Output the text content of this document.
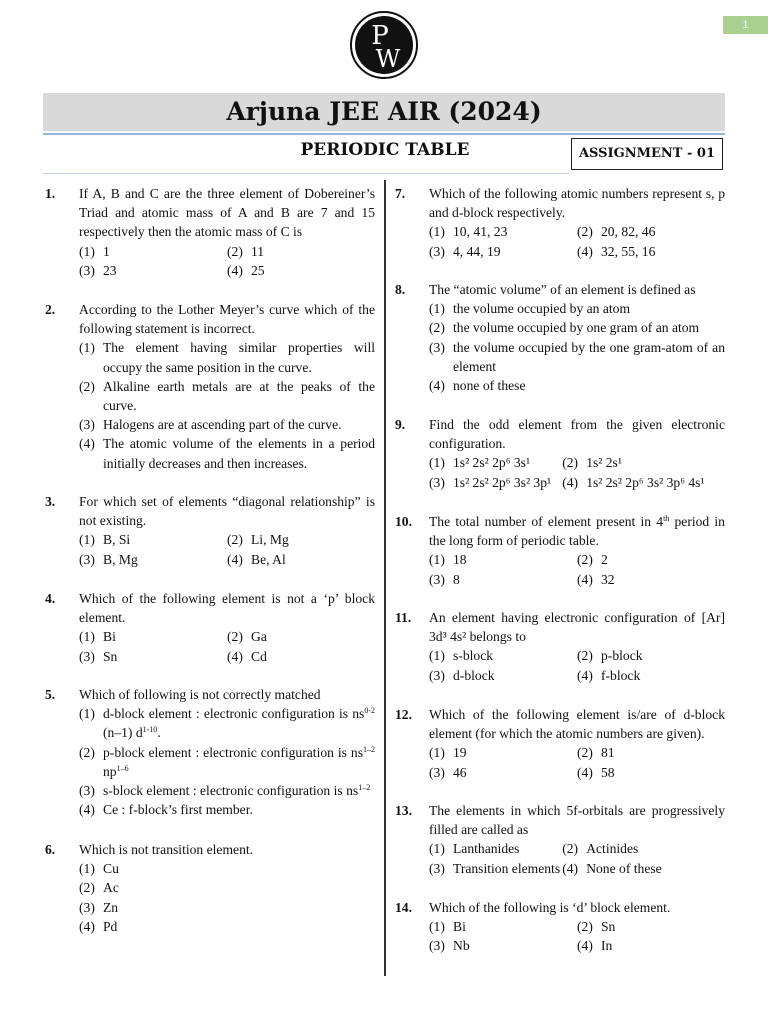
1
P
W
Arjuna JEE AIR (2024)
PERIODIC TABLE	ASSIGNMENT - 01
1. If A, B and C are the three element of Dobereiner’s Triad and atomic mass of A and B are 7 and 15 respectively then the atomic mass of C is
(1) 1	(2) 11
(3) 23	(4) 25
2. According to the Lother Meyer’s curve which of the following statement is incorrect.
(1) The element having similar properties will occupy the same position in the curve.
(2) Alkaline earth metals are at the peaks of the curve.
(3) Halogens are at ascending part of the curve.
(4) The atomic volume of the elements in a period initially decreases and then increases.
3. For which set of elements “diagonal relationship” is not existing.
(1) B, Si	(2) Li, Mg
(3) B, Mg	(4) Be, Al
4. Which of the following element is not a ‘p’ block element.
(1) Bi	(2) Ga
(3) Sn	(4) Cd
5. Which of following is not correctly matched
(1) d-block element : electronic configuration is $ns^{0-2}$ (n–1) $d^{1-10}$.
(2) p-block element : electronic configuration is $ns^{1-2}$ $np^{1-6}$
(3) s-block element : electronic configuration is $ns^{1-2}$
(4) Ce : f-block’s first member.
6. Which is not transition element.
(1) Cu
(2) Ac
(3) Zn
(4) Pd
7. Which of the following atomic numbers represent s, p and d-block respectively.
(1) 10, 41, 23	(2) 20, 82, 46
(3) 4, 44, 19	(4) 32, 55, 16
8. The “atomic volume” of an element is defined as
(1) the volume occupied by an atom
(2) the volume occupied by one gram of an atom
(3) the volume occupied by the one gram-atom of an element
(4) none of these
9. Find the odd element from the given electronic configuration.
(1) 1s² 2s² 2p⁶ 3s¹	(2) 1s² 2s¹
(3) 1s² 2s² 2p⁶ 3s² 3p¹ (4) 1s² 2s² 2p⁶ 3s² 3p⁶ 4s¹
10. The total number of element present in 4th period in the long form of periodic table.
(1) 18	(2) 2
(3) 8	(4) 32
11. An element having electronic configuration of [Ar] 3d³ 4s² belongs to
(1) s-block	(2) p-block
(3) d-block	(4) f-block
12. Which of the following element is/are of d-block element (for which the atomic numbers are given).
(1) 19	(2) 81
(3) 46	(4) 58
13. The elements in which 5f-orbitals are progressively filled are called as
(1) Lanthanides	(2) Actinides
(3) Transition elements (4) None of these
14. Which of the following is ‘d’ block element.
(1) Bi	(2) Sn
(3) Nb	(4) In
